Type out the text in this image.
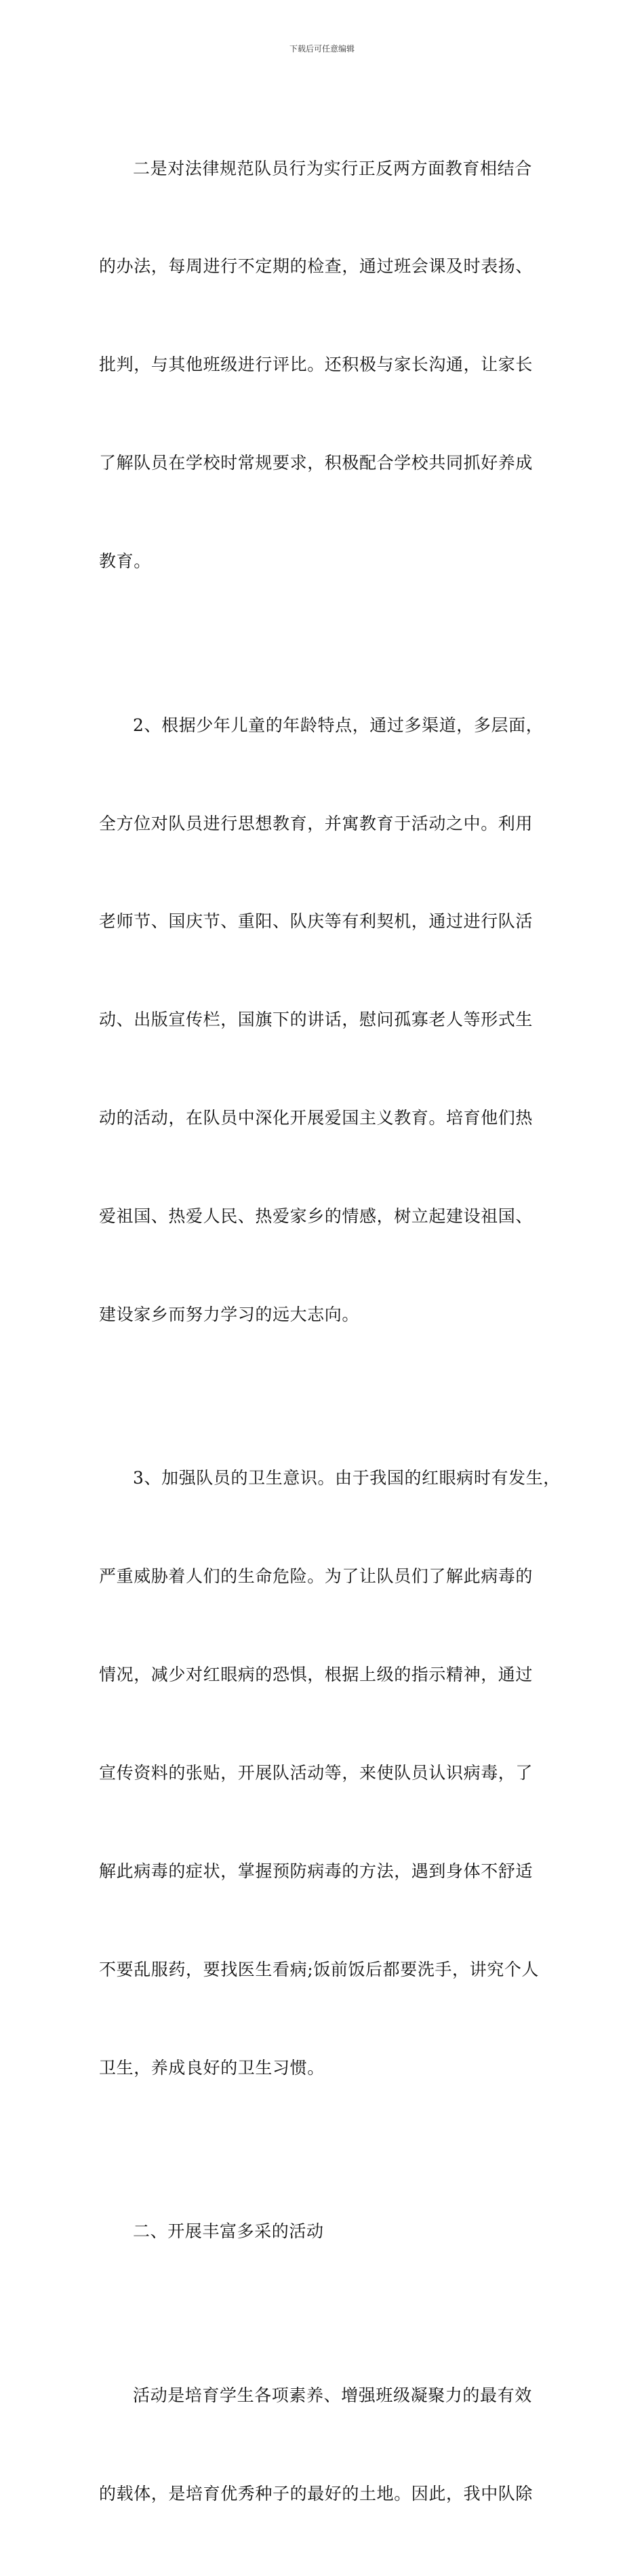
下载后可任意编辑

二是对法律规范队员行为实行正反两方面教育相结合

的办法，每周进行不定期的检查，通过班会课及时表扬、

批判，与其他班级进行评比。还积极与家长沟通，让家长

了解队员在学校时常规要求，积极配合学校共同抓好养成

教育。

2、根据少年儿童的年龄特点，通过多渠道，多层面，

全方位对队员进行思想教育，并寓教育于活动之中。利用

老师节、国庆节、重阳、队庆等有利契机，通过进行队活

动、出版宣传栏，国旗下的讲话，慰问孤寡老人等形式生

动的活动，在队员中深化开展爱国主义教育。培育他们热

爱祖国、热爱人民、热爱家乡的情感，树立起建设祖国、

建设家乡而努力学习的远大志向。

3、加强队员的卫生意识。由于我国的红眼病时有发生，

严重威胁着人们的生命危险。为了让队员们了解此病毒的

情况，减少对红眼病的恐惧，根据上级的指示精神，通过

宣传资料的张贴，开展队活动等，来使队员认识病毒，了

解此病毒的症状，掌握预防病毒的方法，遇到身体不舒适

不要乱服药，要找医生看病;饭前饭后都要洗手，讲究个人

卫生，养成良好的卫生习惯。

二、开展丰富多采的活动

活动是培育学生各项素养、增强班级凝聚力的最有效

的载体，是培育优秀种子的最好的土地。因此，我中队除
